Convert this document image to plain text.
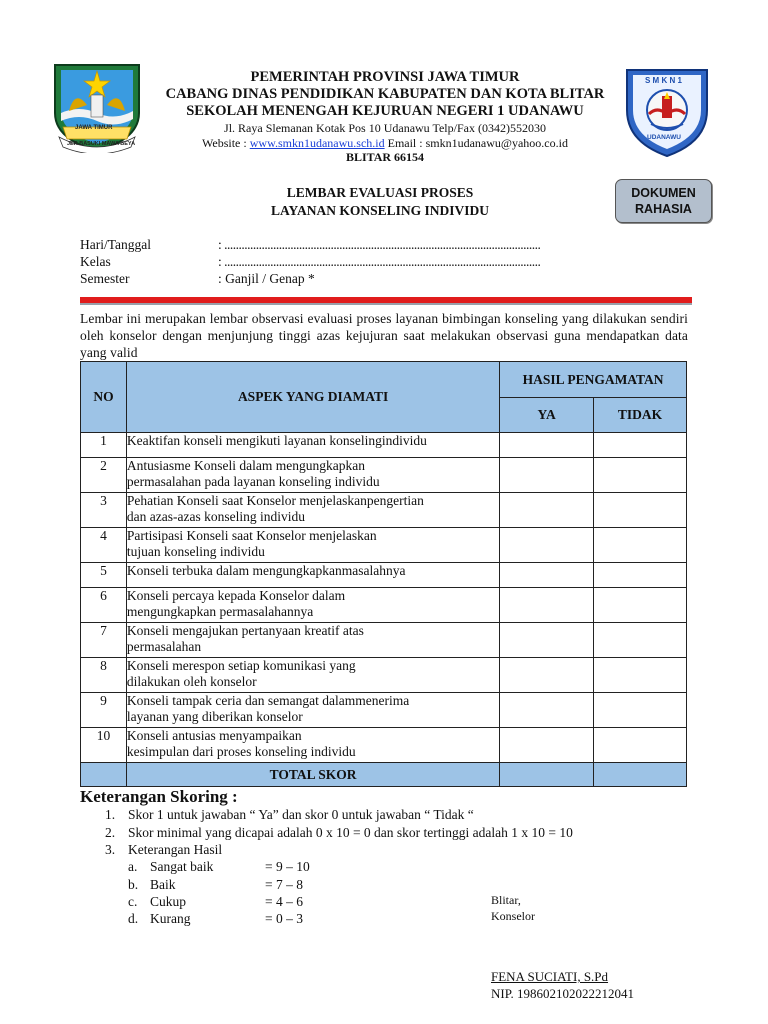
JAWA TIMUR
JER BASUKI MAWA BEYA
S M K N 1
UDANAWU
PEMERINTAH PROVINSI JAWA TIMUR
CABANG DINAS PENDIDIKAN KABUPATEN DAN KOTA BLITAR
SEKOLAH MENENGAH KEJURUAN NEGERI 1 UDANAWU
Jl. Raya Slemanan Kotak Pos 10 Udanawu Telp/Fax (0342)552030
Website : www.smkn1udanawu.sch.id Email : smkn1udanawu@yahoo.co.id
BLITAR 66154
LEMBAR EVALUASI PROSES
LAYANAN KONSELING INDIVIDU
DOKUMEN
RAHASIA
Hari/Tanggal	: ..............................................................................................................
Kelas	: ..............................................................................................................
Semester	: Ganjil / Genap *
Lembar ini merupakan lembar observasi evaluasi proses layanan bimbingan konseling yang dilakukan sendiri oleh konselor dengan menjunjung tinggi azas kejujuran saat melakukan observasi guna mendapatkan data yang valid
NO	ASPEK YANG DIAMATI	HASIL PENGAMATAN	
		YA	TIDAK
1	Keaktifan konseli mengikuti layanan konselingindividu		

2	Antusiasme Konseli dalam mengungkapkan
permasalahan pada layanan konseling individu		

3	Pehatian Konseli saat Konselor menjelaskanpengertian
dan azas-azas konseling individu		

4	Partisipasi Konseli saat Konselor menjelaskan
tujuan konseling individu		

5	Konseli terbuka dalam mengungkapkanmasalahnya		

6	Konseli percaya kepada Konselor dalam
mengungkapkan permasalahannya		

7	Konseli mengajukan pertanyaan kreatif atas
permasalahan		

8	Konseli merespon setiap komunikasi yang
dilakukan oleh konselor		

9	Konseli tampak ceria dan semangat dalammenerima
layanan yang diberikan konselor		

10	Konseli antusias menyampaikan
kesimpulan dari proses konseling individu		

	TOTAL SKOR		
Keterangan Skoring :
1. Skor 1 untuk jawaban “ Ya” dan skor 0 untuk jawaban “ Tidak “
2. Skor minimal yang dicapai adalah 0 x 10 = 0 dan skor tertinggi adalah 1 x 10 = 10
3. Keterangan Hasil
a. Sangat baik	= 9 – 10
b. Baik	= 7 – 8
c. Cukup	= 4 – 6
d. Kurang	= 0 – 3
Blitar,
Konselor
FENA SUCIATI, S.Pd
NIP. 198602102022212041
